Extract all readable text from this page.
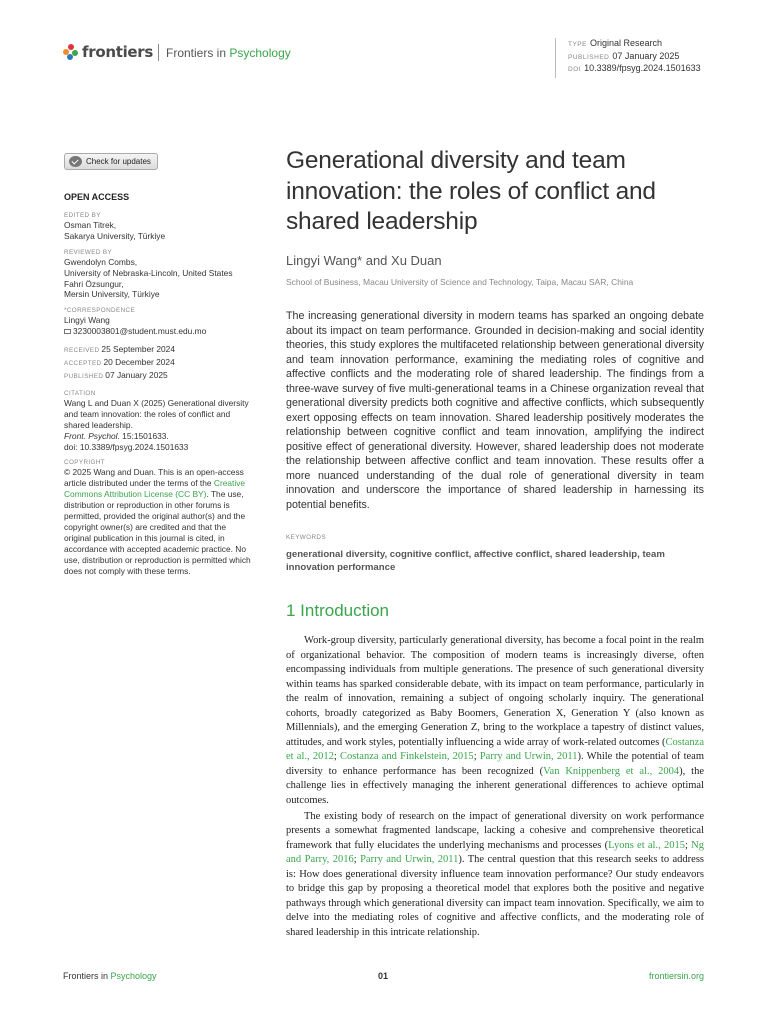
frontiers Frontiers in Psychology
TYPE Original Research
PUBLISHED 07 January 2025
DOI 10.3389/fpsyg.2024.1501633
Check for updates
OPEN ACCESS
EDITED BY
Osman Titrek,
Sakarya University, Türkiye
REVIEWED BY
Gwendolyn Combs,
University of Nebraska-Lincoln, United States
Fahri Özsungur,
Mersin University, Türkiye
*CORRESPONDENCE
Lingyi Wang
3230003801@student.must.edu.mo
RECEIVED 25 September 2024
ACCEPTED 20 December 2024
PUBLISHED 07 January 2025
CITATION
Wang L and Duan X (2025) Generational diversity and team innovation: the roles of conflict and shared leadership.
Front. Psychol. 15:1501633.
doi: 10.3389/fpsyg.2024.1501633
COPYRIGHT
© 2025 Wang and Duan. This is an open-access article distributed under the terms of the Creative Commons Attribution License (CC BY). The use, distribution or reproduction in other forums is permitted, provided the original author(s) and the copyright owner(s) are credited and that the original publication in this journal is cited, in accordance with accepted academic practice. No use, distribution or reproduction is permitted which does not comply with these terms.
Generational diversity and team innovation: the roles of conflict and shared leadership
Lingyi Wang* and Xu Duan
School of Business, Macau University of Science and Technology, Taipa, Macau SAR, China
The increasing generational diversity in modern teams has sparked an ongoing debate about its impact on team performance. Grounded in decision-making and social identity theories, this study explores the multifaceted relationship between generational diversity and team innovation performance, examining the mediating roles of cognitive and affective conflicts and the moderating role of shared leadership. The findings from a three-wave survey of five multi-generational teams in a Chinese organization reveal that generational diversity predicts both cognitive and affective conflicts, which subsequently exert opposing effects on team innovation. Shared leadership positively moderates the relationship between cognitive conflict and team innovation, amplifying the indirect positive effect of generational diversity. However, shared leadership does not moderate the relationship between affective conflict and team innovation. These results offer a more nuanced understanding of the dual role of generational diversity in team innovation and underscore the importance of shared leadership in harnessing its potential benefits.
KEYWORDS
generational diversity, cognitive conflict, affective conflict, shared leadership, team innovation performance
1 Introduction

Work-group diversity, particularly generational diversity, has become a focal point in the realm of organizational behavior. The composition of modern teams is increasingly diverse, often encompassing individuals from multiple generations. The presence of such generational diversity within teams has sparked considerable debate, with its impact on team performance, particularly in the realm of innovation, remaining a subject of ongoing scholarly inquiry. The generational cohorts, broadly categorized as Baby Boomers, Generation X, Generation Y (also known as Millennials), and the emerging Generation Z, bring to the workplace a tapestry of distinct values, attitudes, and work styles, potentially influencing a wide array of work-related outcomes (Costanza et al., 2012; Costanza and Finkelstein, 2015; Parry and Urwin, 2011). While the potential of team diversity to enhance performance has been recognized (Van Knippenberg et al., 2004), the challenge lies in effectively managing the inherent generational differences to achieve optimal outcomes.

The existing body of research on the impact of generational diversity on work performance presents a somewhat fragmented landscape, lacking a cohesive and comprehensive theoretical framework that fully elucidates the underlying mechanisms and processes (Lyons et al., 2015; Ng and Parry, 2016; Parry and Urwin, 2011). The central question that this research seeks to address is: How does generational diversity influence team innovation performance? Our study endeavors to bridge this gap by proposing a theoretical model that explores both the positive and negative pathways through which generational diversity can impact team innovation. Specifically, we aim to delve into the mediating roles of cognitive and affective conflicts, and the moderating role of shared leadership in this intricate relationship.

Frontiers in Psychology	01	frontiersin.org
